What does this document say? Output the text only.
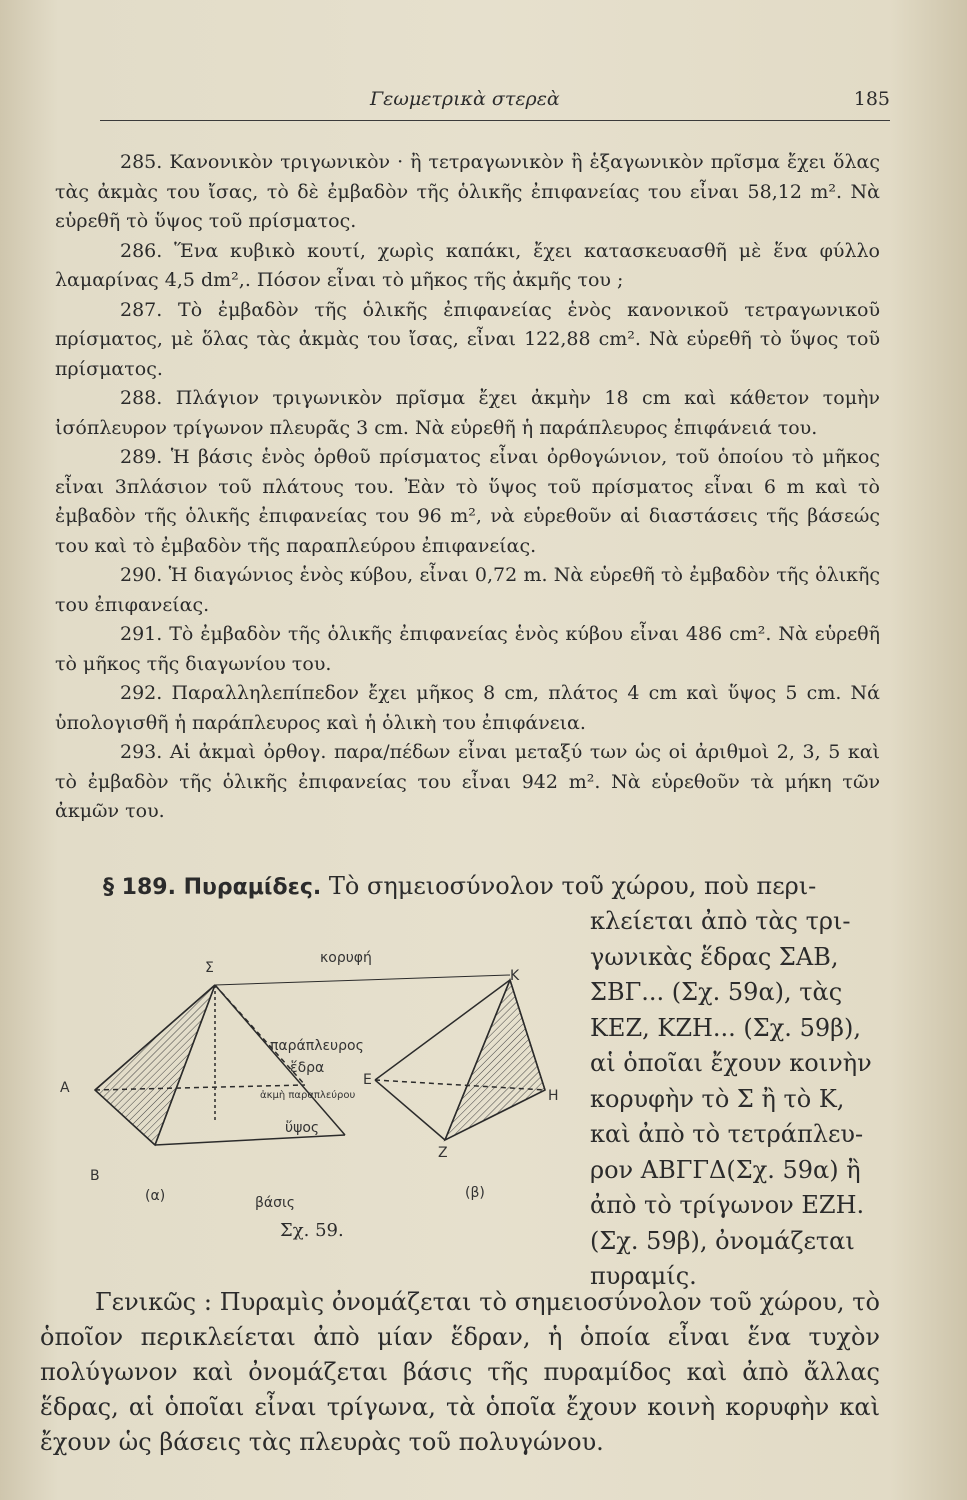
Γεωμετρικὰ στερεὰ	185

285. Κανονικὸν τριγωνικὸν · ἢ τετραγωνικὸν ἢ ἑξαγωνικὸν πρῖσμα ἔχει ὅλας τὰς ἀκμὰς του ἴσας, τὸ δὲ ἐμβαδὸν τῆς ὁλικῆς ἐπιφανείας του εἶναι 58,12 m². Νὰ εὑρεθῆ τὸ ὕψος τοῦ πρίσματος.

286. Ἕνα κυβικὸ κουτί, χωρὶς καπάκι, ἔχει κατασκευασθῆ μὲ ἕνα φύλλο λαμαρίνας 4,5 dm²,. Πόσον εἶναι τὸ μῆκος τῆς ἀκμῆς του ;

287. Τὸ ἐμβαδὸν τῆς ὁλικῆς ἐπιφανείας ἑνὸς κανονικοῦ τετραγωνικοῦ πρίσματος, μὲ ὅλας τὰς ἀκμὰς του ἴσας, εἶναι 122,88 cm². Νὰ εὑρεθῆ τὸ ὕψος τοῦ πρίσματος.

288. Πλάγιον τριγωνικὸν πρῖσμα ἔχει ἀκμὴν 18 cm καὶ κάθετον τομὴν ἰσόπλευρον τρίγωνον πλευρᾶς 3 cm. Νὰ εὑρεθῆ ἡ παράπλευρος ἐπιφάνειά του.

289. Ἡ βάσις ἑνὸς ὀρθοῦ πρίσματος εἶναι ὀρθογώνιον, τοῦ ὁποίου τὸ μῆκος εἶναι 3πλάσιον τοῦ πλάτους του. Ἐὰν τὸ ὕψος τοῦ πρίσματος εἶναι 6 m καὶ τὸ ἐμβαδὸν τῆς ὁλικῆς ἐπιφανείας του 96 m², νὰ εὑρεθοῦν αἱ διαστάσεις τῆς βάσεώς του καὶ τὸ ἐμβαδὸν τῆς παραπλεύρου ἐπιφανείας.

290. Ἡ διαγώνιος ἑνὸς κύβου, εἶναι 0,72 m. Νὰ εὑρεθῆ τὸ ἐμβαδὸν τῆς ὁλικῆς του ἐπιφανείας.

291. Τὸ ἐμβαδὸν τῆς ὁλικῆς ἐπιφανείας ἑνὸς κύβου εἶναι 486 cm². Νὰ εὑρεθῆ τὸ μῆκος τῆς διαγωνίου του.

292. Παραλληλεπίπεδον ἔχει μῆκος 8 cm, πλάτος 4 cm καὶ ὕψος 5 cm. Νά ὑπολογισθῆ ἡ παράπλευρος καὶ ἡ ὁλικὴ του ἐπιφάνεια.

293. Αἱ ἀκμαὶ ὀρθογ. παρα/πέδων εἶναι μεταξύ των ὡς οἱ ἀριθμοὶ 2, 3, 5 καὶ τὸ ἐμβαδὸν τῆς ὁλικῆς ἐπιφανείας του εἶναι 942 m². Νὰ εὑρεθοῦν τὰ μήκη τῶν ἀκμῶν του.

§ 189. Πυραμίδες. Τὸ σημειοσύνολον τοῦ χώρου, ποὺ περι-
κλείεται ἀπὸ τὰς τρι-
γωνικὰς ἕδρας ΣΑΒ,
ΣΒΓ... (Σχ. 59α), τὰς
ΚΕΖ, ΚΖΗ... (Σχ. 59β),
αἱ ὁποῖαι ἔχουν κοινὴν
κορυφὴν τὸ Σ ἢ τὸ Κ,
καὶ ἀπὸ τὸ τετράπλευ-
ρον ΑΒΓΓΔ(Σχ. 59α) ἢ
ἀπὸ τὸ τρίγωνον ΕΖΗ.
(Σχ. 59β), ὀνομάζεται
πυραμίς.
Σ	K
κορυφή
παράπλευρος
ἕδρα
ἀκμὴ παραπλεύρου
ὕψος
βάσις
Α
Β
Ε
Η
Ζ
(α)	(β)
Σχ. 59.

Γενικῶς : Πυραμὶς ὀνομάζεται τὸ σημειοσύνολον τοῦ χώρου, τὸ ὁποῖον περικλείεται ἀπὸ μίαν ἕδραν, ἡ ὁποία εἶναι ἕνα τυχὸν πολύγωνον καὶ ὀνομάζεται βάσις τῆς πυραμίδος καὶ ἀπὸ ἄλλας ἕδρας, αἱ ὁποῖαι εἶναι τρίγωνα, τὰ ὁποῖα ἔχουν κοινὴ κορυφὴν καὶ ἔχουν ὡς βάσεις τὰς πλευρὰς τοῦ πολυγώνου.
